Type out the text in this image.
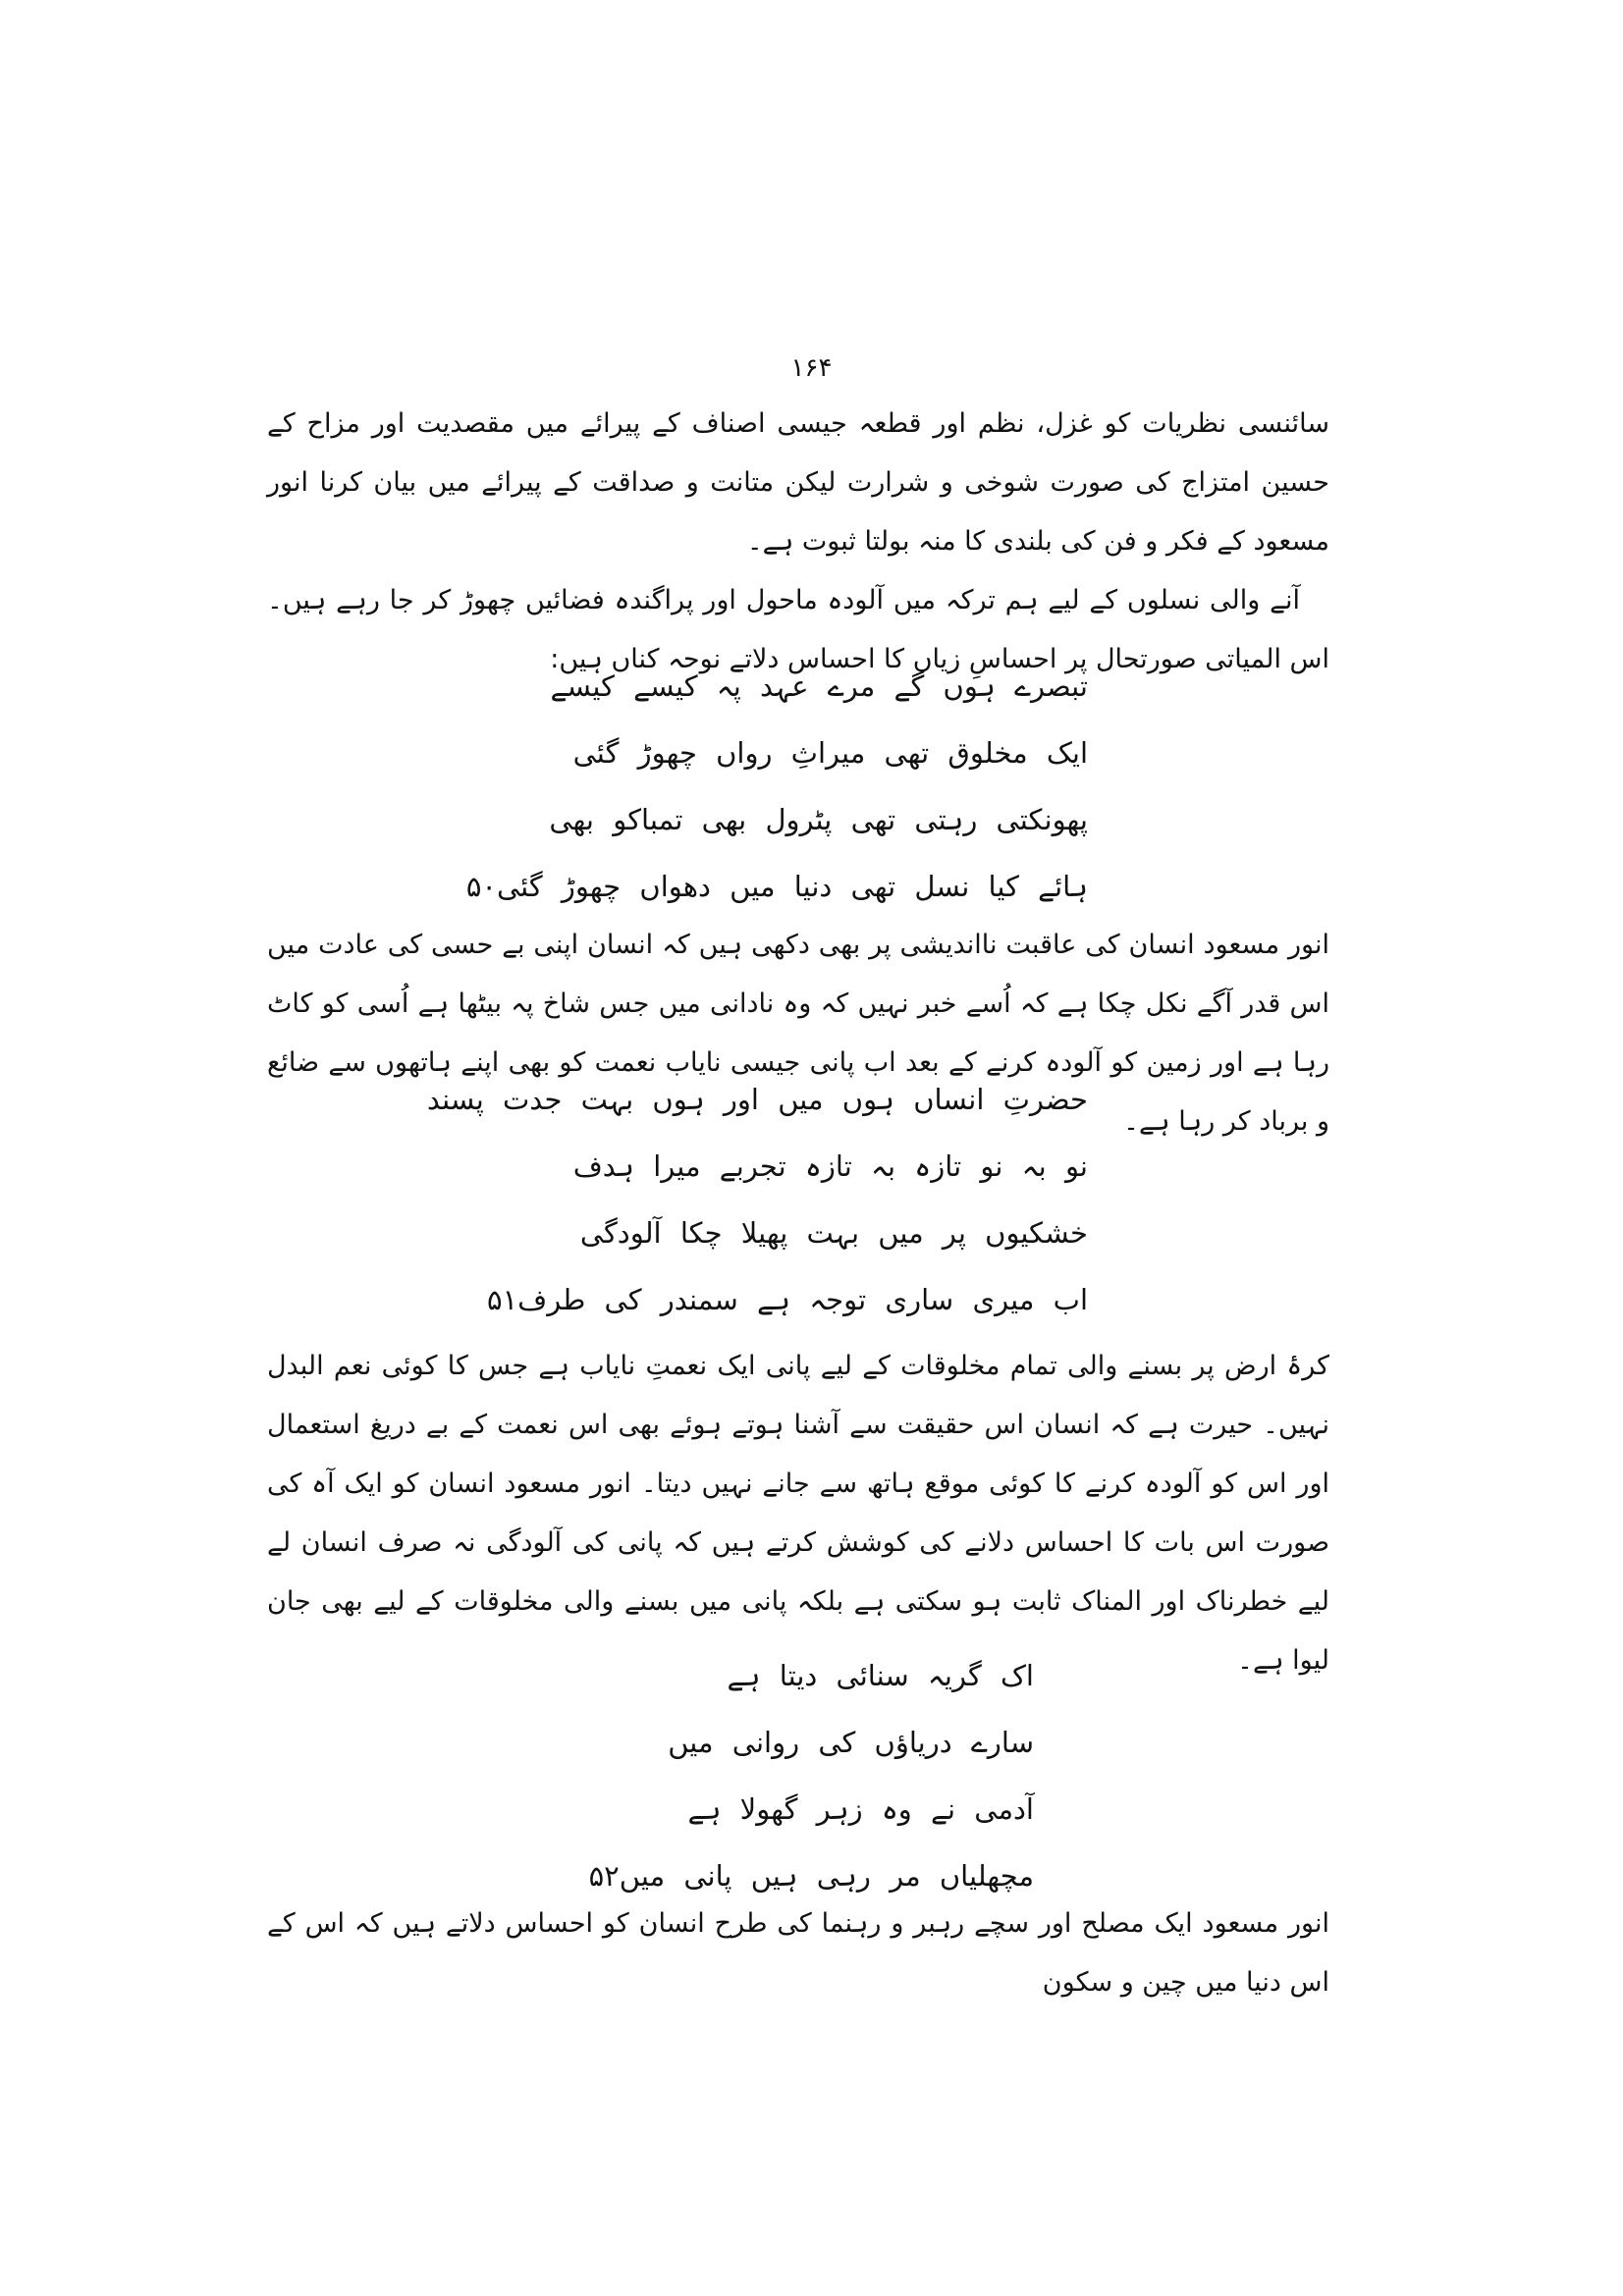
۱۶۴

سائنسی نظریات کو غزل، نظم اور قطعہ جیسی اصناف کے پیرائے میں مقصدیت اور مزاح کے حسین امتزاج کی صورت شوخی و شرارت لیکن متانت و صداقت کے پیرائے میں بیان کرنا انور مسعود کے فکر و فن کی بلندی کا منہ بولتا ثبوت ہے۔

آنے والی نسلوں کے لیے ہم ترکہ میں آلودہ ماحول اور پراگندہ فضائیں چھوڑ کر جا رہے ہیں۔ اس المیاتی صورتحال پر احساسِ زیاں کا احساس دلاتے نوحہ کناں ہیں:

تبصرے ہوں گے مرے عہد پہ کیسے کیسے
ایک مخلوق تھی میراثِ رواں چھوڑ گئی
پھونکتی رہتی تھی پٹرول بھی تمباکو بھی
ہائے کیا نسل تھی دنیا میں دھواں چھوڑ گئی۵۰

انور مسعود انسان کی عاقبت نااندیشی پر بھی دکھی ہیں کہ انسان اپنی بے حسی کی عادت میں اس قدر آگے نکل چکا ہے کہ اُسے خبر نہیں کہ وہ نادانی میں جس شاخ پہ بیٹھا ہے اُسی کو کاٹ رہا ہے اور زمین کو آلودہ کرنے کے بعد اب پانی جیسی نایاب نعمت کو بھی اپنے ہاتھوں سے ضائع و برباد کر رہا ہے۔

حضرتِ انساں ہوں میں اور ہوں بہت جدت پسند
نو بہ نو تازہ بہ تازہ تجربے میرا ہدف
خشکیوں پر میں بہت پھیلا چکا آلودگی
اب میری ساری توجہ ہے سمندر کی طرف۵۱

کرۂ ارض پر بسنے والی تمام مخلوقات کے لیے پانی ایک نعمتِ نایاب ہے جس کا کوئی نعم البدل نہیں۔ حیرت ہے کہ انسان اس حقیقت سے آشنا ہوتے ہوئے بھی اس نعمت کے بے دریغ استعمال اور اس کو آلودہ کرنے کا کوئی موقع ہاتھ سے جانے نہیں دیتا۔ انور مسعود انسان کو ایک آہ کی صورت اس بات کا احساس دلانے کی کوشش کرتے ہیں کہ پانی کی آلودگی نہ صرف انسان لے لیے خطرناک اور المناک ثابت ہو سکتی ہے بلکہ پانی میں بسنے والی مخلوقات کے لیے بھی جان لیوا ہے۔

اک گریہ سنائی دیتا ہے
سارے دریاؤں کی روانی میں
آدمی نے وہ زہر گھولا ہے
مچھلیاں مر رہی ہیں پانی میں۵۲

انور مسعود ایک مصلح اور سچے رہبر و رہنما کی طرح انسان کو احساس دلاتے ہیں کہ اس کے اس دنیا میں چین و سکون
